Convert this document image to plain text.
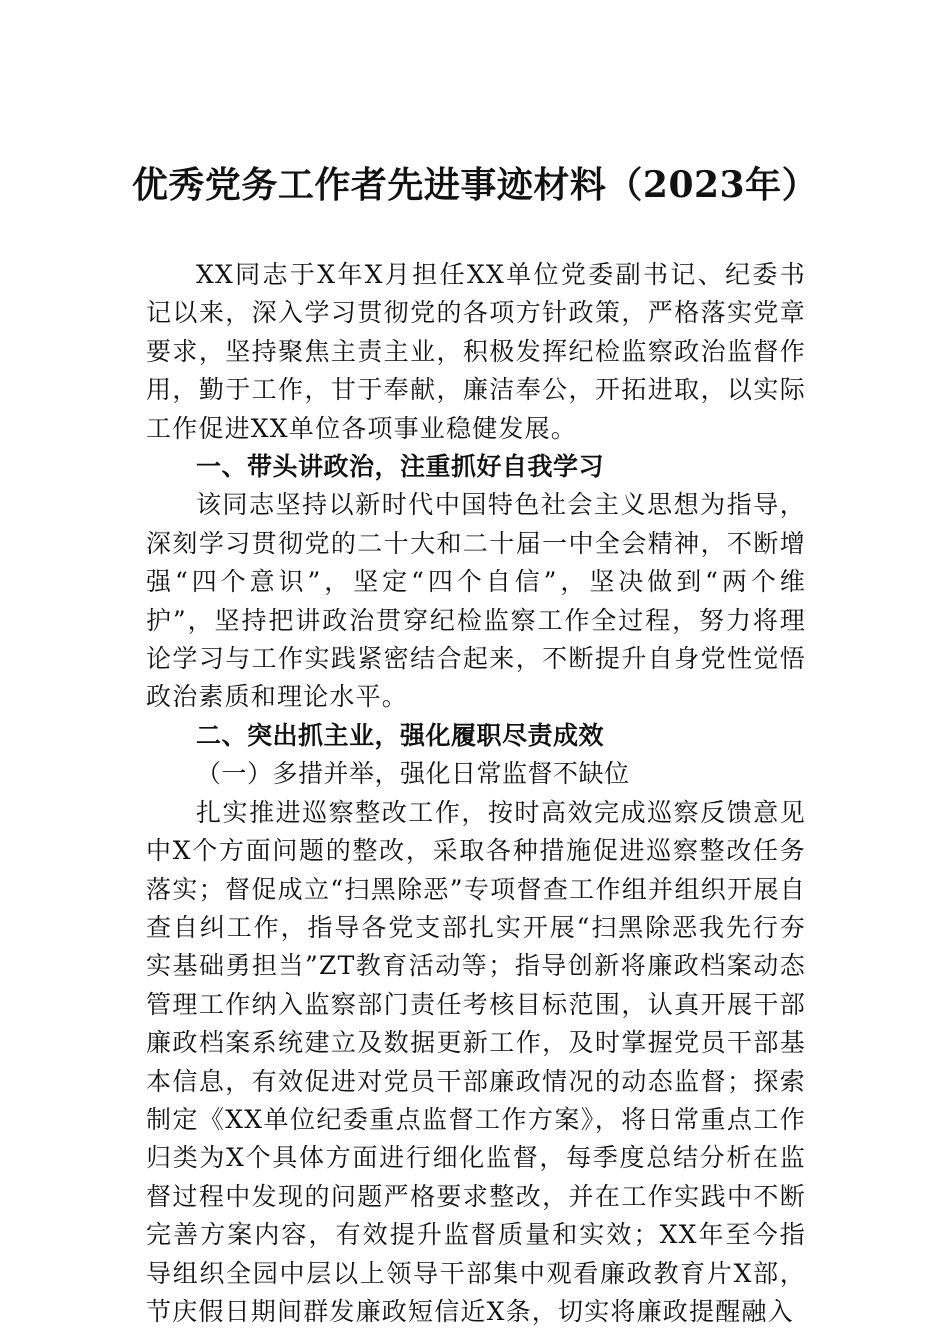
优秀党务工作者先进事迹材料（2023年）

XX同志于X年X月担任XX单位党委副书记、纪委书记以来，深入学习贯彻党的各项方针政策，严格落实党章要求，坚持聚焦主责主业，积极发挥纪检监察政治监督作用，勤于工作，甘于奉献，廉洁奉公，开拓进取，以实际工作促进XX单位各项事业稳健发展。

一、带头讲政治，注重抓好自我学习

该同志坚持以新时代中国特色社会主义思想为指导，深刻学习贯彻党的二十大和二十届一中全会精神，不断增强“四个意识”，坚定“四个自信”，坚决做到“两个维护”，坚持把讲政治贯穿纪检监察工作全过程，努力将理论学习与工作实践紧密结合起来，不断提升自身党性觉悟政治素质和理论水平。

二、突出抓主业，强化履职尽责成效

（一）多措并举，强化日常监督不缺位

扎实推进巡察整改工作，按时高效完成巡察反馈意见中X个方面问题的整改，采取各种措施促进巡察整改任务落实；督促成立“扫黑除恶”专项督查工作组并组织开展自查自纠工作，指导各党支部扎实开展“扫黑除恶我先行夯实基础勇担当”ZT教育活动等；指导创新将廉政档案动态管理工作纳入监察部门责任考核目标范围，认真开展干部廉政档案系统建立及数据更新工作，及时掌握党员干部基本信息，有效促进对党员干部廉政情况的动态监督；探索制定《XX单位纪委重点监督工作方案》，将日常重点工作归类为X个具体方面进行细化监督，每季度总结分析在监督过程中发现的问题严格要求整改，并在工作实践中不断完善方案内容，有效提升监督质量和实效；XX年至今指导组织全园中层以上领导干部集中观看廉政教育片X部，节庆假日期间群发廉政短信近X条，切实将廉政提醒融入
